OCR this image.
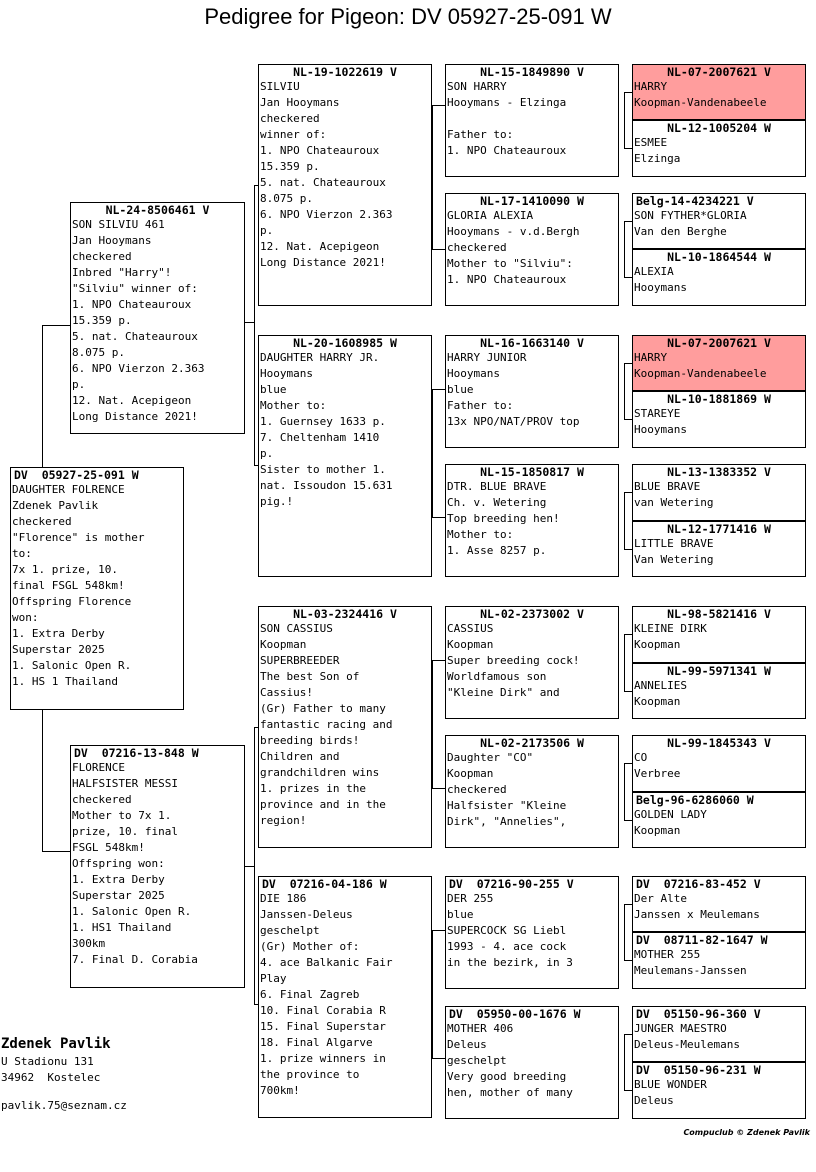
Pedigree for Pigeon: DV 05927-25-091 W
DV  05927-25-091 W
DAUGHTER FOLRENCE
Zdenek Pavlik
checkered
"Florence" is mother
to:
7x 1. prize, 10.
final FSGL 548km!
Offspring Florence
won:
1. Extra Derby
Superstar 2025
1. Salonic Open R.
1. HS 1 Thailand
NL-24-8506461 V
SON SILVIU 461
Jan Hooymans
checkered
Inbred "Harry"!
"Silviu" winner of:
1. NPO Chateauroux
15.359 p.
5. nat. Chateauroux
8.075 p.
6. NPO Vierzon 2.363
p.
12. Nat. Acepigeon
Long Distance 2021!
DV  07216-13-848 W
FLORENCE
HALFSISTER MESSI
checkered
Mother to 7x 1.
prize, 10. final
FSGL 548km!
Offspring won:
1. Extra Derby
Superstar 2025
1. Salonic Open R.
1. HS1 Thailand
300km
7. Final D. Corabia
NL-19-1022619 V
SILVIU
Jan Hooymans
checkered
winner of:
1. NPO Chateauroux
15.359 p.
5. nat. Chateauroux
8.075 p.
6. NPO Vierzon 2.363
p.
12. Nat. Acepigeon
Long Distance 2021!
NL-20-1608985 W
DAUGHTER HARRY JR.
Hooymans
blue
Mother to:
1. Guernsey 1633 p.
7. Cheltenham 1410
p.
Sister to mother 1.
nat. Issoudon 15.631
pig.!
NL-03-2324416 V
SON CASSIUS
Koopman
SUPERBREEDER
The best Son of
Cassius!
(Gr) Father to many
fantastic racing and
breeding birds!
Children and
grandchildren wins
1. prizes in the
province and in the
region!
DV  07216-04-186 W
DIE 186
Janssen-Deleus
geschelpt
(Gr) Mother of:
4. ace Balkanic Fair
Play
6. Final Zagreb
10. Final Corabia R
15. Final Superstar
18. Final Algarve
1. prize winners in
the province to
700km!
NL-15-1849890 V
SON HARRY
Hooymans - Elzinga
Father to:
1. NPO Chateauroux
NL-17-1410090 W
GLORIA ALEXIA
Hooymans - v.d.Bergh
checkered
Mother to "Silviu":
1. NPO Chateauroux
NL-16-1663140 V
HARRY JUNIOR
Hooymans
blue
Father to:
13x NPO/NAT/PROV top
NL-15-1850817 W
DTR. BLUE BRAVE
Ch. v. Wetering
Top breeding hen!
Mother to:
1. Asse 8257 p.
NL-02-2373002 V
CASSIUS
Koopman
Super breeding cock!
Worldfamous son
"Kleine Dirk" and
NL-02-2173506 W
Daughter "CO"
Koopman
checkered
Halfsister "Kleine
Dirk", "Annelies",
DV  07216-90-255 V
DER 255
blue
SUPERCOCK SG Liebl
1993 - 4. ace cock
in the bezirk, in 3
DV  05950-00-1676 W
MOTHER 406
Deleus
geschelpt
Very good breeding
hen, mother of many
NL-07-2007621 V
HARRY
Koopman-Vandenabeele
NL-12-1005204 W
ESMEE
Elzinga
Belg-14-4234221 V
SON FYTHER*GLORIA
Van den Berghe
NL-10-1864544 W
ALEXIA
Hooymans
NL-07-2007621 V
HARRY
Koopman-Vandenabeele
NL-10-1881869 W
STAREYE
Hooymans
NL-13-1383352 V
BLUE BRAVE
van Wetering
NL-12-1771416 W
LITTLE BRAVE
Van Wetering
NL-98-5821416 V
KLEINE DIRK
Koopman
NL-99-5971341 W
ANNELIES
Koopman
NL-99-1845343 V
CO
Verbree
Belg-96-6286060 W
GOLDEN LADY
Koopman
DV  07216-83-452 V
Der Alte
Janssen x Meulemans
DV  08711-82-1647 W
MOTHER 255
Meulemans-Janssen
DV  05150-96-360 V
JUNGER MAESTRO
Deleus-Meulemans
DV  05150-96-231 W
BLUE WONDER
Deleus
Zdenek Pavlik
U Stadionu 131
34962  Kostelec
pavlik.75@seznam.cz
Compuclub © Zdenek Pavlik
